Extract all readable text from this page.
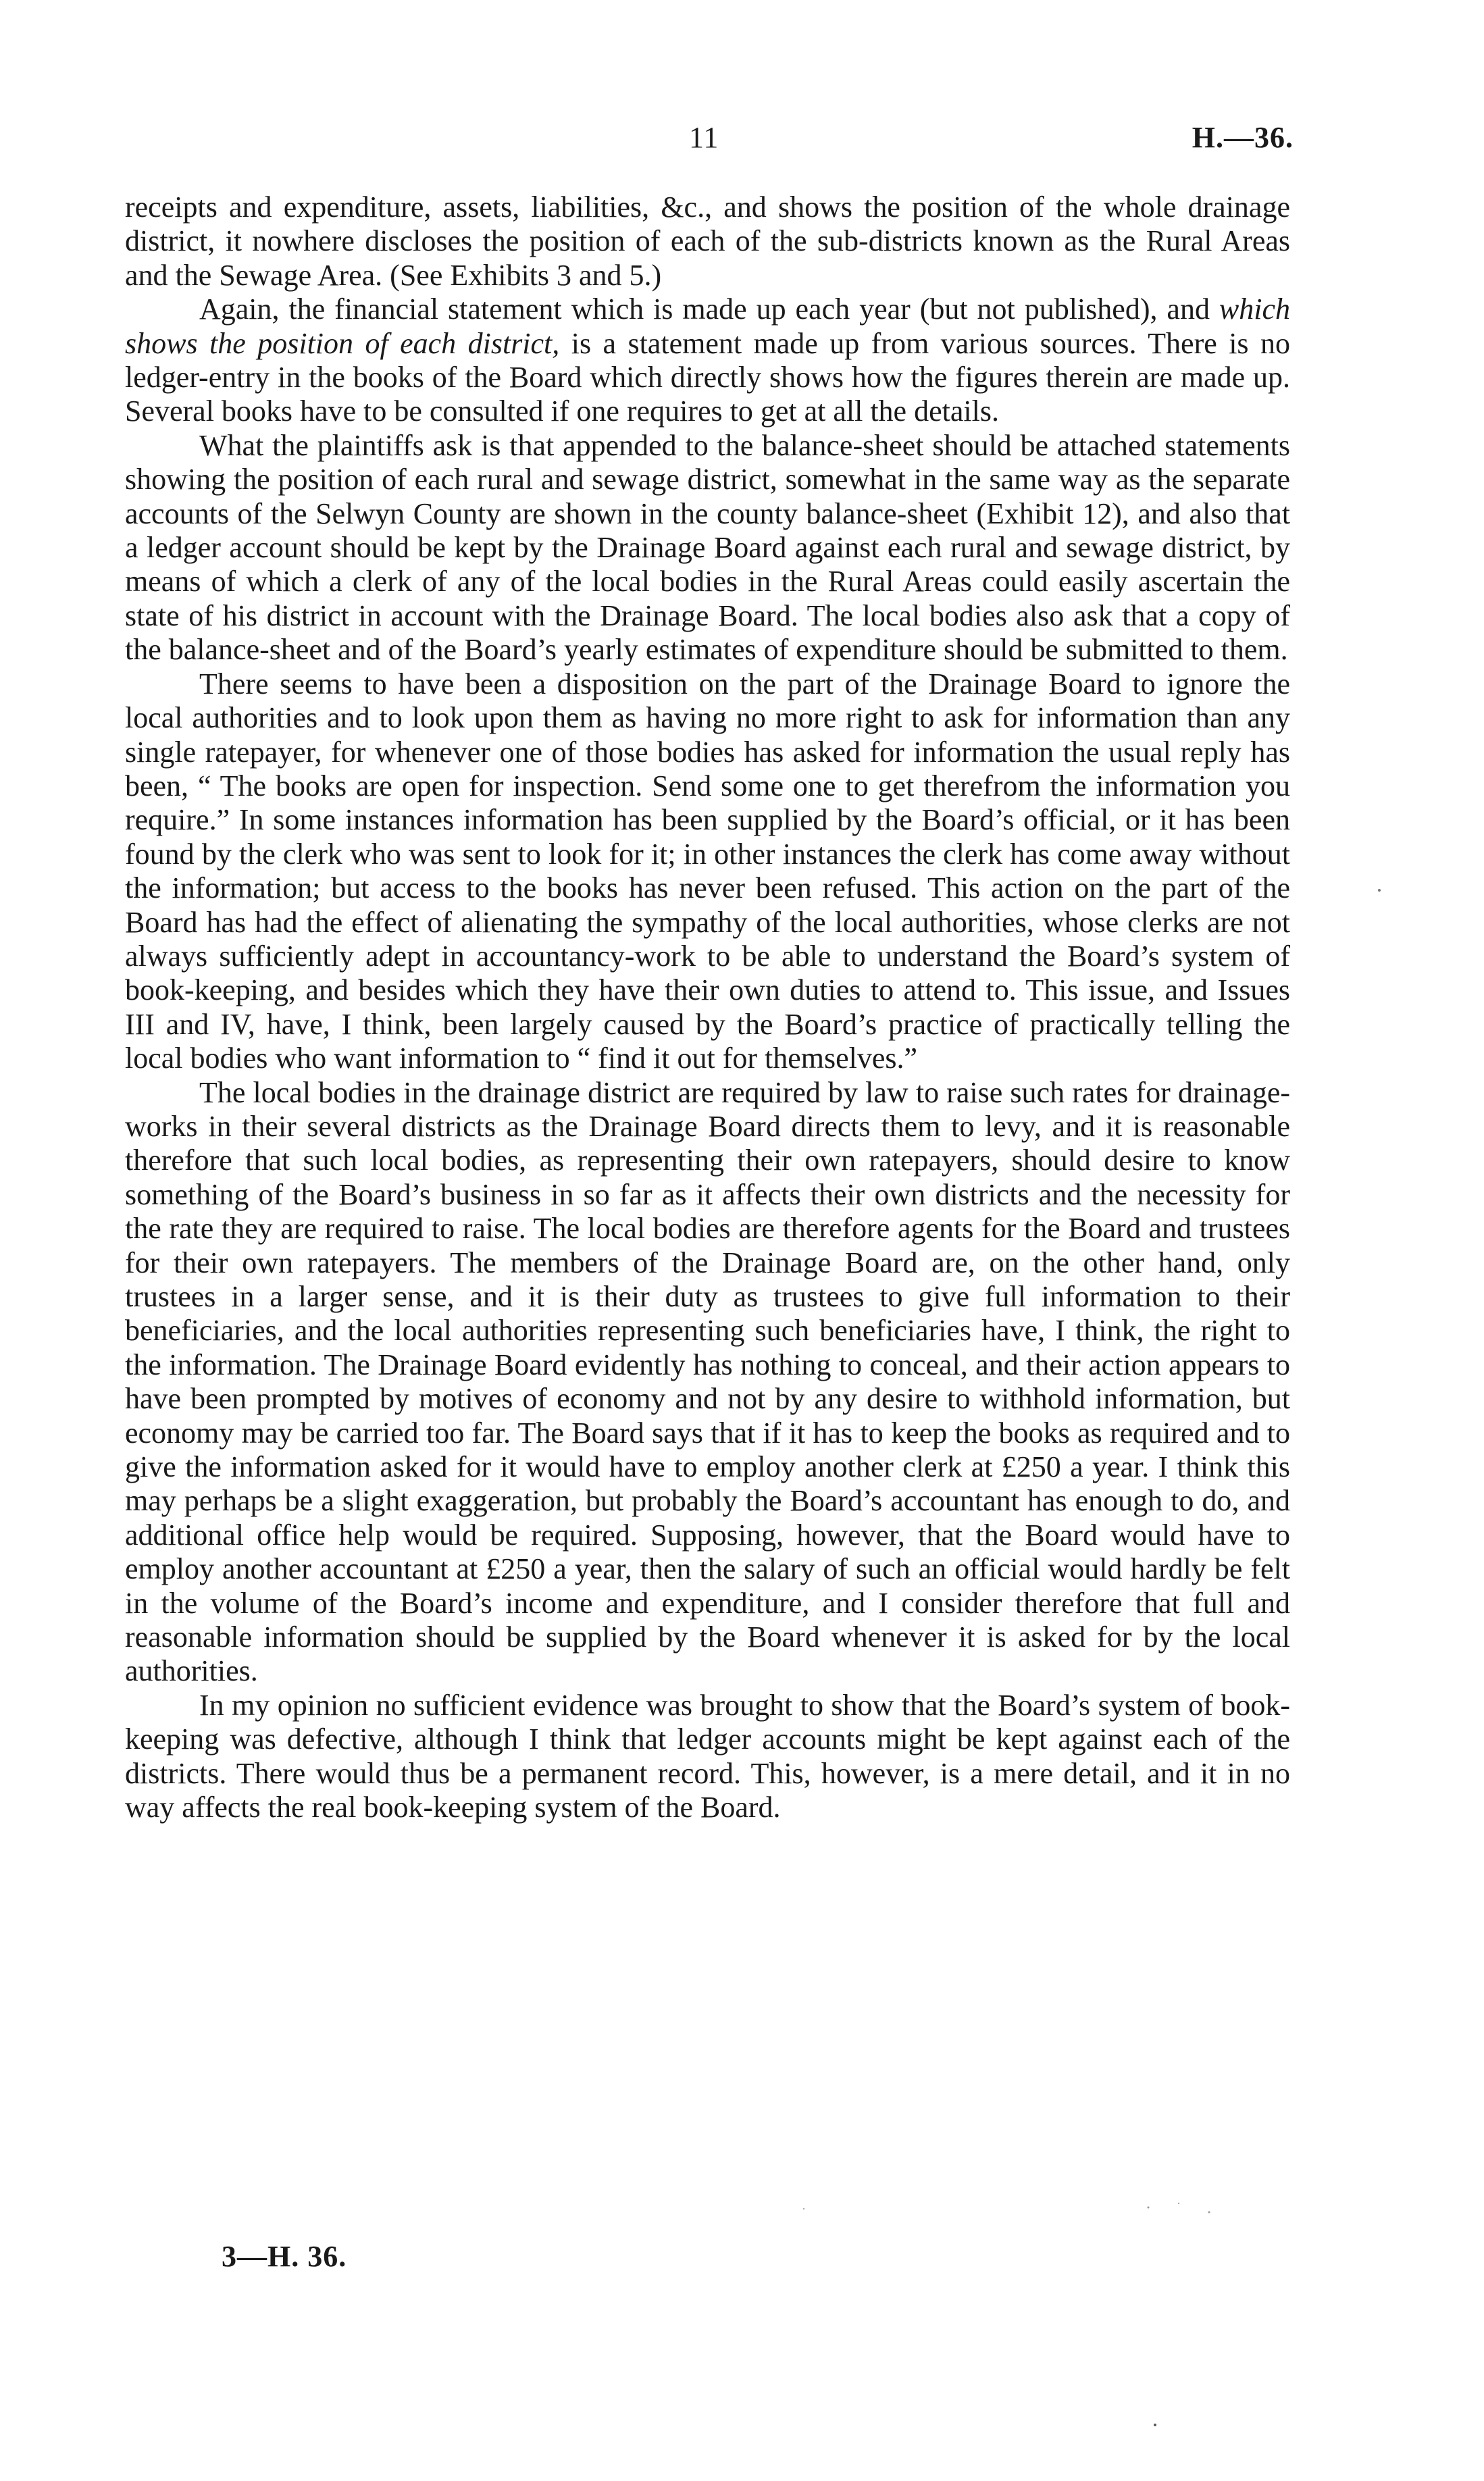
11	H.—36.

receipts and expenditure, assets, liabilities, &c., and shows the position of the whole drainage district, it nowhere discloses the position of each of the sub-districts known as the Rural Areas and the Sewage Area. (See Exhibits 3 and 5.)

Again, the financial statement which is made up each year (but not published), and which shows the position of each district, is a statement made up from various sources. There is no ledger-entry in the books of the Board which directly shows how the figures therein are made up. Several books have to be consulted if one requires to get at all the details.

What the plaintiffs ask is that appended to the balance-sheet should be attached statements showing the position of each rural and sewage district, somewhat in the same way as the separate accounts of the Selwyn County are shown in the county balance-sheet (Exhibit 12), and also that a ledger account should be kept by the Drainage Board against each rural and sewage district, by means of which a clerk of any of the local bodies in the Rural Areas could easily ascertain the state of his district in account with the Drainage Board. The local bodies also ask that a copy of the balance-sheet and of the Board’s yearly estimates of expenditure should be submitted to them.

There seems to have been a disposition on the part of the Drainage Board to ignore the local authorities and to look upon them as having no more right to ask for information than any single ratepayer, for whenever one of those bodies has asked for information the usual reply has been, “ The books are open for inspection. Send some one to get therefrom the information you require.” In some instances information has been supplied by the Board’s official, or it has been found by the clerk who was sent to look for it; in other instances the clerk has come away without the information; but access to the books has never been refused. This action on the part of the Board has had the effect of alienating the sympathy of the local authorities, whose clerks are not always sufficiently adept in accountancy-work to be able to understand the Board’s system of book-keeping, and besides which they have their own duties to attend to. This issue, and Issues III and IV, have, I think, been largely caused by the Board’s practice of practically telling the local bodies who want information to “ find it out for themselves.”

The local bodies in the drainage district are required by law to raise such rates for drainage-works in their several districts as the Drainage Board directs them to levy, and it is reasonable therefore that such local bodies, as representing their own ratepayers, should desire to know something of the Board’s business in so far as it affects their own districts and the necessity for the rate they are required to raise. The local bodies are therefore agents for the Board and trustees for their own ratepayers. The members of the Drainage Board are, on the other hand, only trustees in a larger sense, and it is their duty as trustees to give full information to their beneficiaries, and the local authorities representing such beneficiaries have, I think, the right to the information. The Drainage Board evidently has nothing to conceal, and their action appears to have been prompted by motives of economy and not by any desire to withhold information, but economy may be carried too far. The Board says that if it has to keep the books as required and to give the information asked for it would have to employ another clerk at £250 a year. I think this may perhaps be a slight exaggeration, but probably the Board’s accountant has enough to do, and additional office help would be required. Supposing, however, that the Board would have to employ another accountant at £250 a year, then the salary of such an official would hardly be felt in the volume of the Board’s income and expenditure, and I consider therefore that full and reasonable information should be supplied by the Board whenever it is asked for by the local authorities.

In my opinion no sufficient evidence was brought to show that the Board’s system of book-keeping was defective, although I think that ledger accounts might be kept against each of the districts. There would thus be a permanent record. This, however, is a mere detail, and it in no way affects the real book-keeping system of the Board.

3—H. 36.
